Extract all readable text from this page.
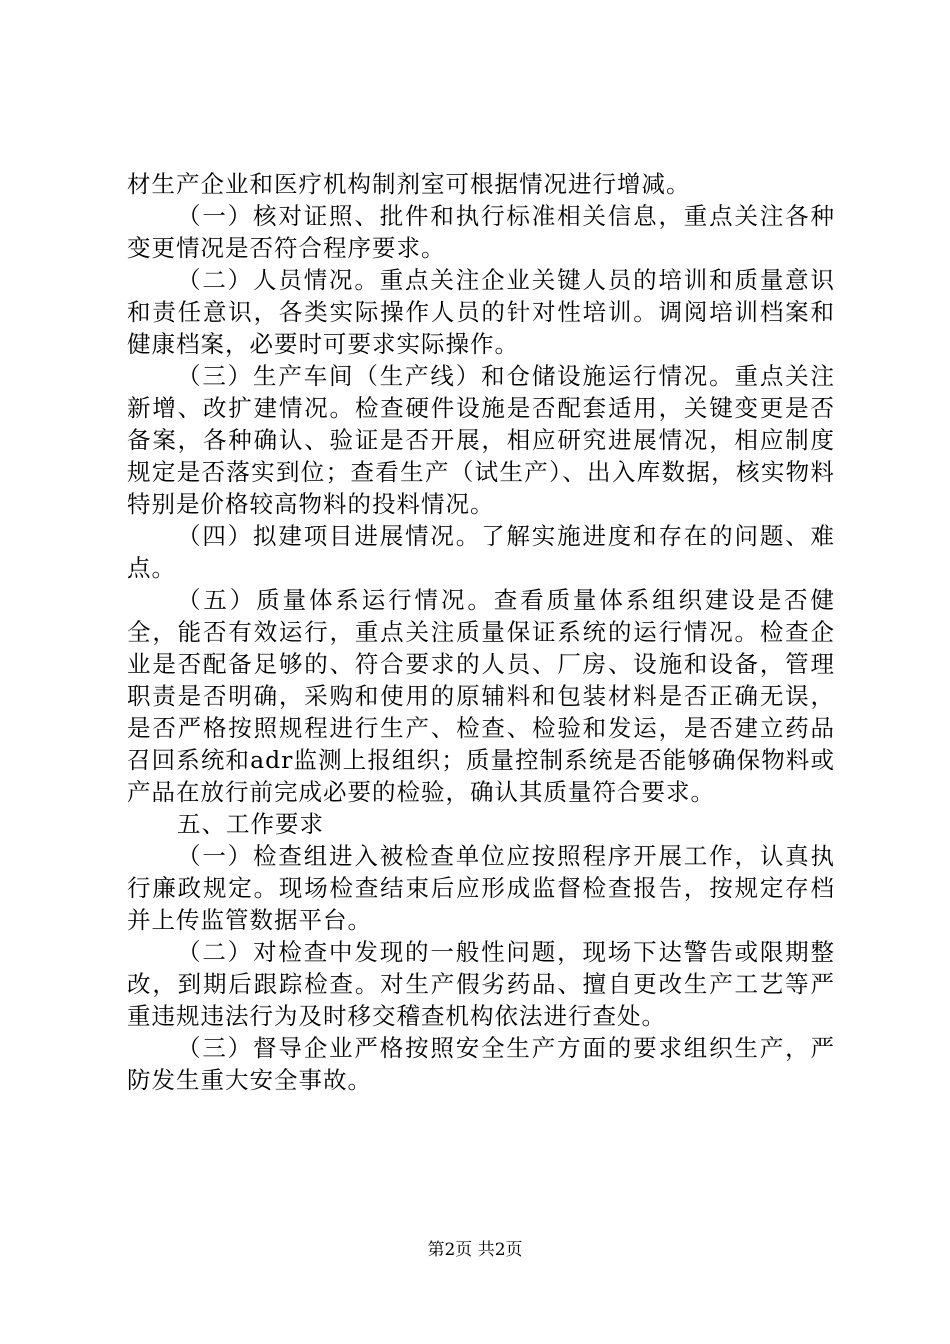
材生产企业和医疗机构制剂室可根据情况进行增减。

（一）核对证照、批件和执行标准相关信息，重点关注各种变更情况是否符合程序要求。

（二）人员情况。重点关注企业关键人员的培训和质量意识和责任意识，各类实际操作人员的针对性培训。调阅培训档案和健康档案，必要时可要求实际操作。

（三）生产车间（生产线）和仓储设施运行情况。重点关注新增、改扩建情况。检查硬件设施是否配套适用，关键变更是否备案，各种确认、验证是否开展，相应研究进展情况，相应制度规定是否落实到位；查看生产（试生产）、出入库数据，核实物料特别是价格较高物料的投料情况。

（四）拟建项目进展情况。了解实施进度和存在的问题、难点。

（五）质量体系运行情况。查看质量体系组织建设是否健全，能否有效运行，重点关注质量保证系统的运行情况。检查企业是否配备足够的、符合要求的人员、厂房、设施和设备，管理职责是否明确，采购和使用的原辅料和包装材料是否正确无误，是否严格按照规程进行生产、检查、检验和发运，是否建立药品召回系统和adr监测上报组织；质量控制系统是否能够确保物料或产品在放行前完成必要的检验，确认其质量符合要求。

五、工作要求

（一）检查组进入被检查单位应按照程序开展工作，认真执行廉政规定。现场检查结束后应形成监督检查报告，按规定存档并上传监管数据平台。

（二）对检查中发现的一般性问题，现场下达警告或限期整改，到期后跟踪检查。对生产假劣药品、擅自更改生产工艺等严重违规违法行为及时移交稽查机构依法进行查处。

（三）督导企业严格按照安全生产方面的要求组织生产，严防发生重大安全事故。

第2页 共2页
